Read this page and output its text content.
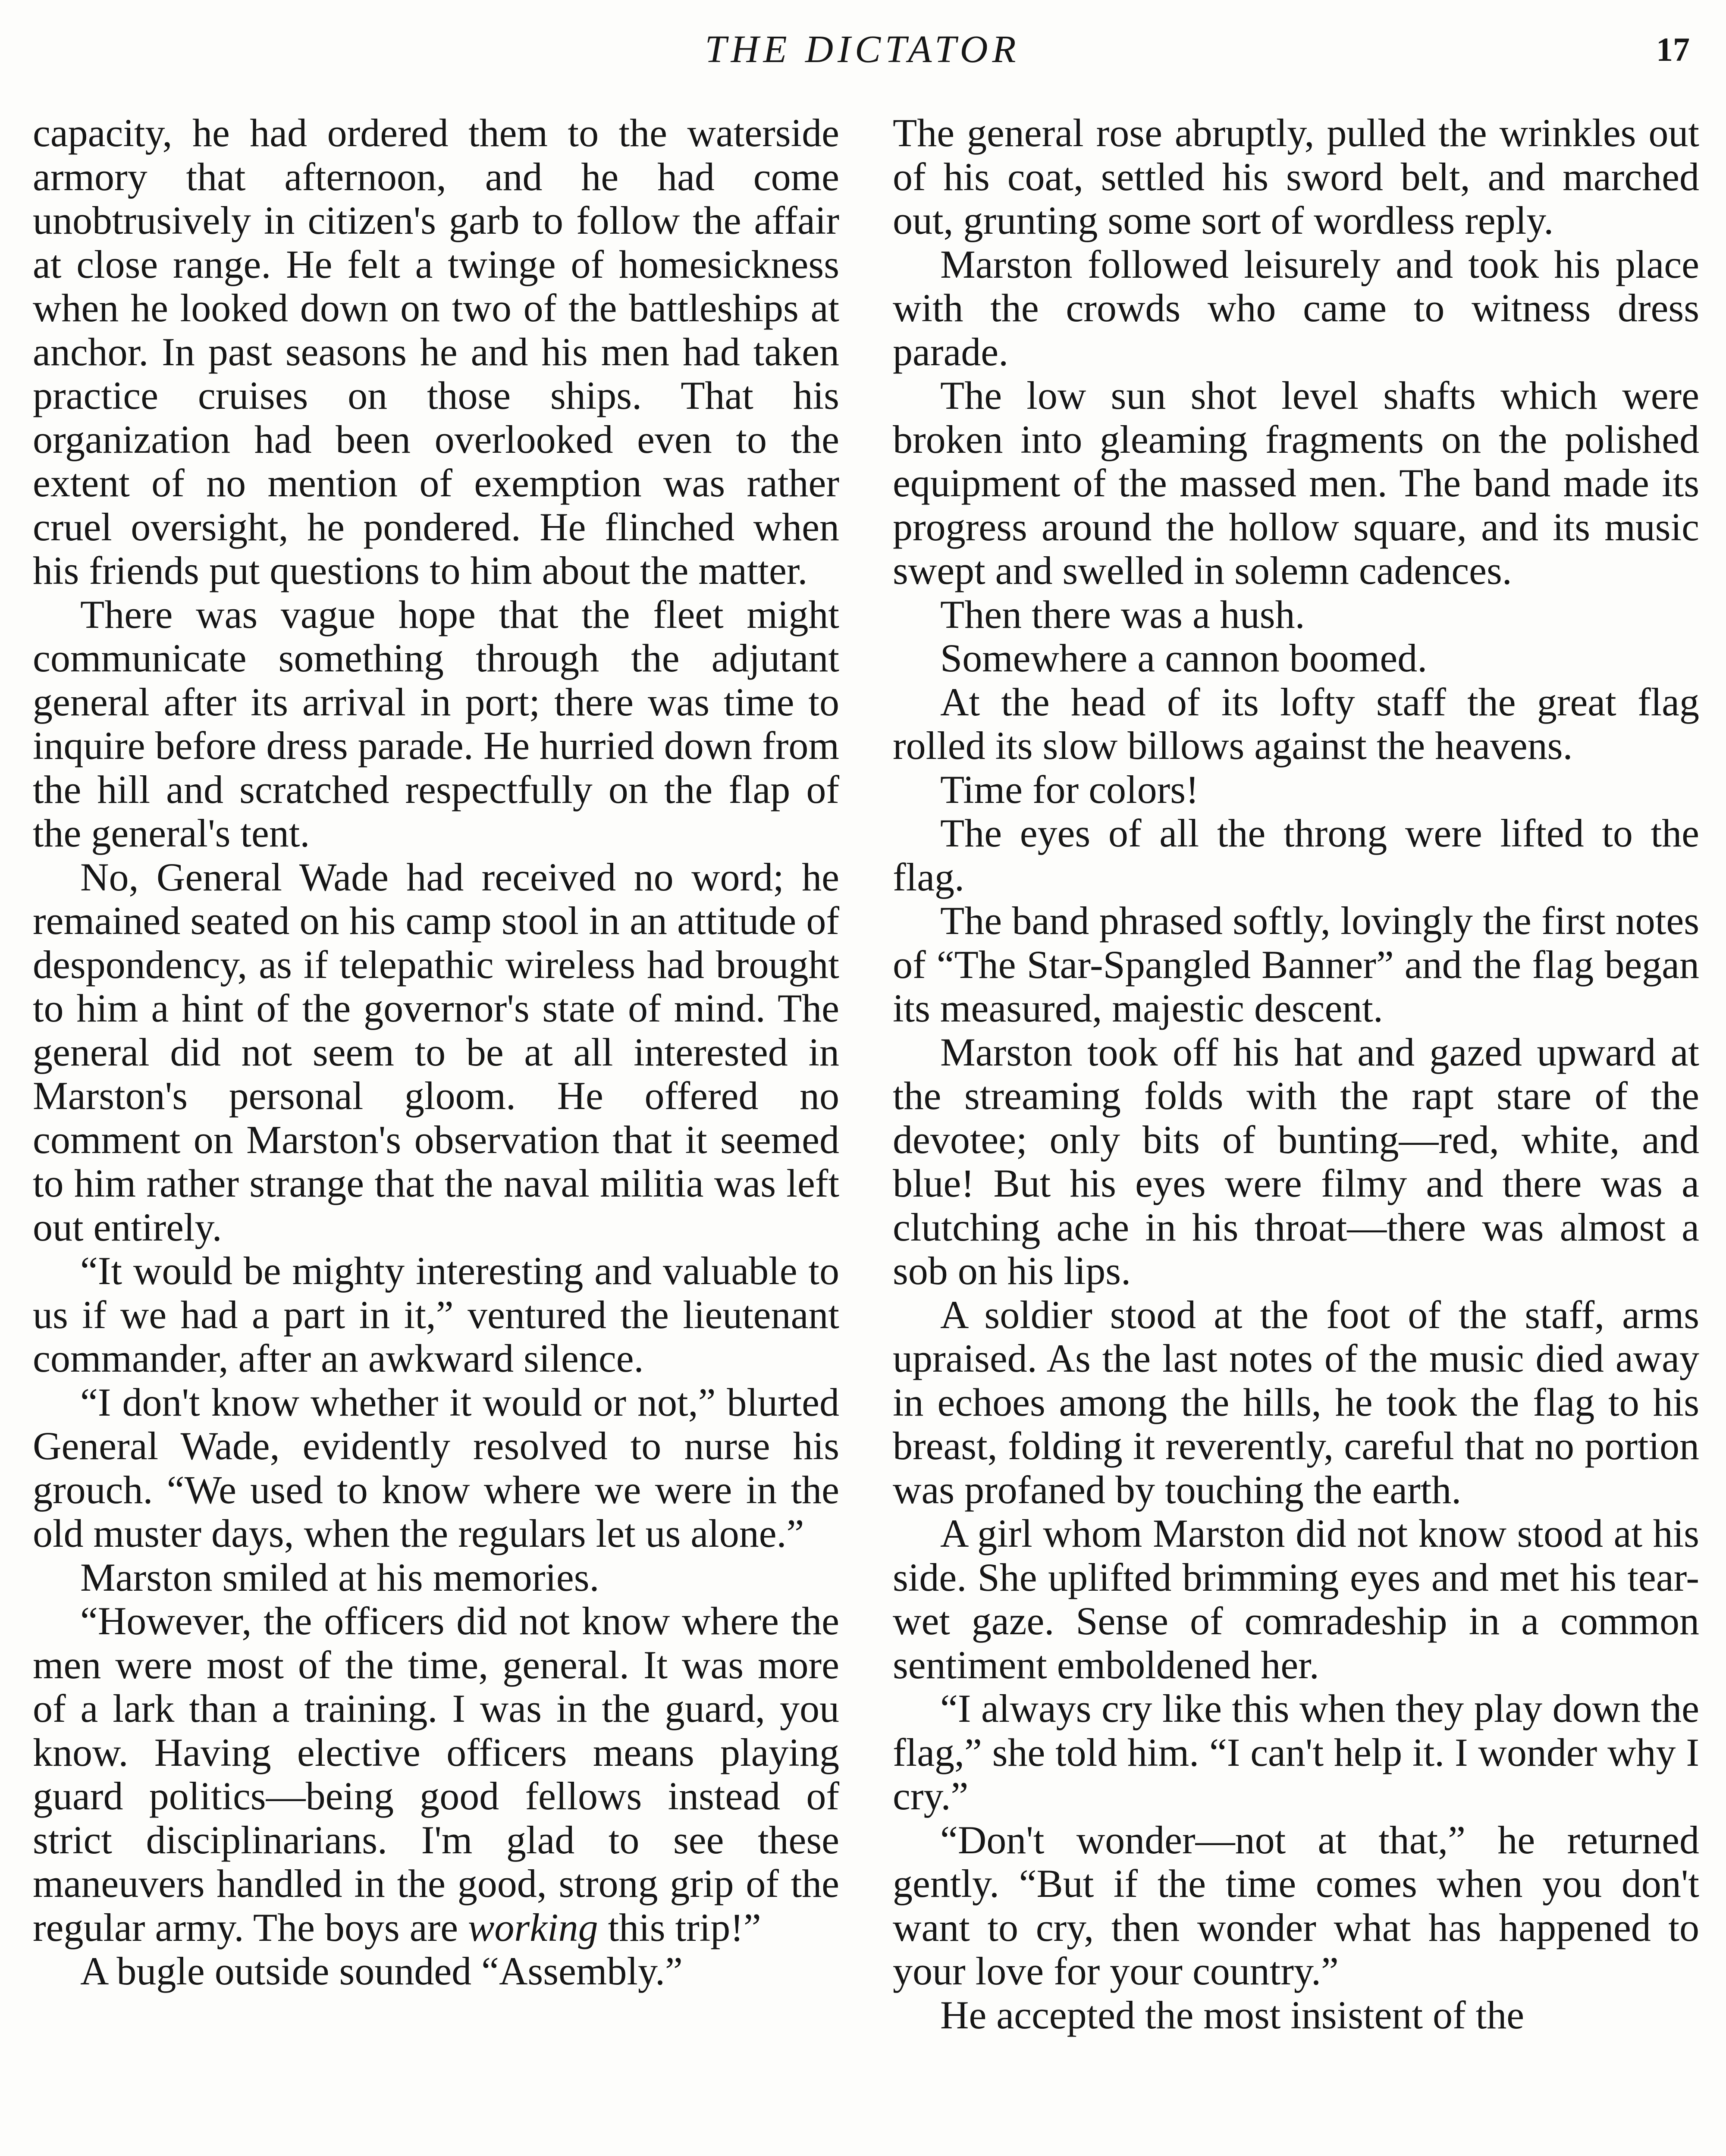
THE DICTATOR	17

capacity, he had ordered them to the waterside armory that afternoon, and he had come unobtrusively in citizen's garb to follow the affair at close range. He felt a twinge of homesickness when he looked down on two of the battleships at anchor. In past seasons he and his men had taken practice cruises on those ships. That his organization had been overlooked even to the extent of no mention of exemption was rather cruel oversight, he pondered. He flinched when his friends put questions to him about the matter.

There was vague hope that the fleet might communicate something through the adjutant general after its arrival in port; there was time to inquire before dress parade. He hurried down from the hill and scratched respectfully on the flap of the general's tent.

No, General Wade had received no word; he remained seated on his camp stool in an attitude of despondency, as if telepathic wireless had brought to him a hint of the governor's state of mind. The general did not seem to be at all interested in Marston's personal gloom. He offered no comment on Marston's observation that it seemed to him rather strange that the naval militia was left out entirely.

“It would be mighty interesting and valuable to us if we had a part in it,” ventured the lieutenant commander, after an awkward silence.

“I don't know whether it would or not,” blurted General Wade, evidently resolved to nurse his grouch. “We used to know where we were in the old muster days, when the regulars let us alone.”

Marston smiled at his memories.

“However, the officers did not know where the men were most of the time, general. It was more of a lark than a training. I was in the guard, you know. Having elective officers means playing guard politics—being good fellows instead of strict disciplinarians. I'm glad to see these maneuvers handled in the good, strong grip of the regular army. The boys are working this trip!”

A bugle outside sounded “Assembly.”

The general rose abruptly, pulled the wrinkles out of his coat, settled his sword belt, and marched out, grunting some sort of wordless reply.

Marston followed leisurely and took his place with the crowds who came to witness dress parade.

The low sun shot level shafts which were broken into gleaming fragments on the polished equipment of the massed men. The band made its progress around the hollow square, and its music swept and swelled in solemn cadences.

Then there was a hush.

Somewhere a cannon boomed.

At the head of its lofty staff the great flag rolled its slow billows against the heavens.

Time for colors!

The eyes of all the throng were lifted to the flag.

The band phrased softly, lovingly the first notes of “The Star-Spangled Banner” and the flag began its measured, majestic descent.

Marston took off his hat and gazed upward at the streaming folds with the rapt stare of the devotee; only bits of bunting—red, white, and blue! But his eyes were filmy and there was a clutching ache in his throat—there was almost a sob on his lips.

A soldier stood at the foot of the staff, arms upraised. As the last notes of the music died away in echoes among the hills, he took the flag to his breast, folding it reverently, careful that no portion was profaned by touching the earth.

A girl whom Marston did not know stood at his side. She uplifted brimming eyes and met his tear-wet gaze. Sense of comradeship in a common sentiment emboldened her.

“I always cry like this when they play down the flag,” she told him. “I can't help it. I wonder why I cry.”

“Don't wonder—not at that,” he returned gently. “But if the time comes when you don't want to cry, then wonder what has happened to your love for your country.”

He accepted the most insistent of the
